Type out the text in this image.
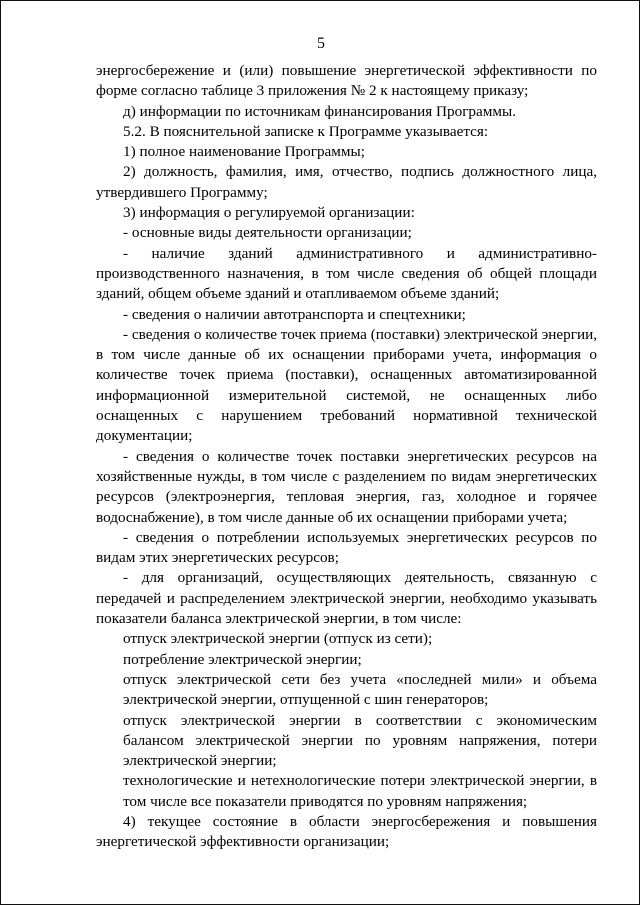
5

энергосбережение и (или) повышение энергетической эффективности по форме согласно таблице 3 приложения № 2 к настоящему приказу;

д) информации по источникам финансирования Программы.

5.2. В пояснительной записке к Программе указывается:

1) полное наименование Программы;

2) должность, фамилия, имя, отчество, подпись должностного лица, утвердившего Программу;

3) информация о регулируемой организации:

- основные виды деятельности организации;

- наличие зданий административного и административно-производственного назначения, в том числе сведения об общей площади зданий, общем объеме зданий и отапливаемом объеме зданий;

- сведения о наличии автотранспорта и спецтехники;

- сведения о количестве точек приема (поставки) электрической энергии, в том числе данные об их оснащении приборами учета, информация о количестве точек приема (поставки), оснащенных автоматизированной информационной измерительной системой, не оснащенных либо оснащенных с нарушением требований нормативной технической документации;

- сведения о количестве точек поставки энергетических ресурсов на хозяйственные нужды, в том числе с разделением по видам энергетических ресурсов (электроэнергия, тепловая энергия, газ, холодное и горячее водоснабжение), в том числе данные об их оснащении приборами учета;

- сведения о потреблении используемых энергетических ресурсов по видам этих энергетических ресурсов;

- для организаций, осуществляющих деятельность, связанную с передачей и распределением электрической энергии, необходимо указывать показатели баланса электрической энергии, в том числе:

отпуск электрической энергии (отпуск из сети);

потребление электрической энергии;

отпуск электрической сети без учета «последней мили» и объема электрической энергии, отпущенной с шин генераторов;

отпуск электрической энергии в соответствии с экономическим балансом электрической энергии по уровням напряжения, потери электрической энергии;

технологические и нетехнологические потери электрической энергии, в том числе все показатели приводятся по уровням напряжения;

4) текущее состояние в области энергосбережения и повышения энергетической эффективности организации;
